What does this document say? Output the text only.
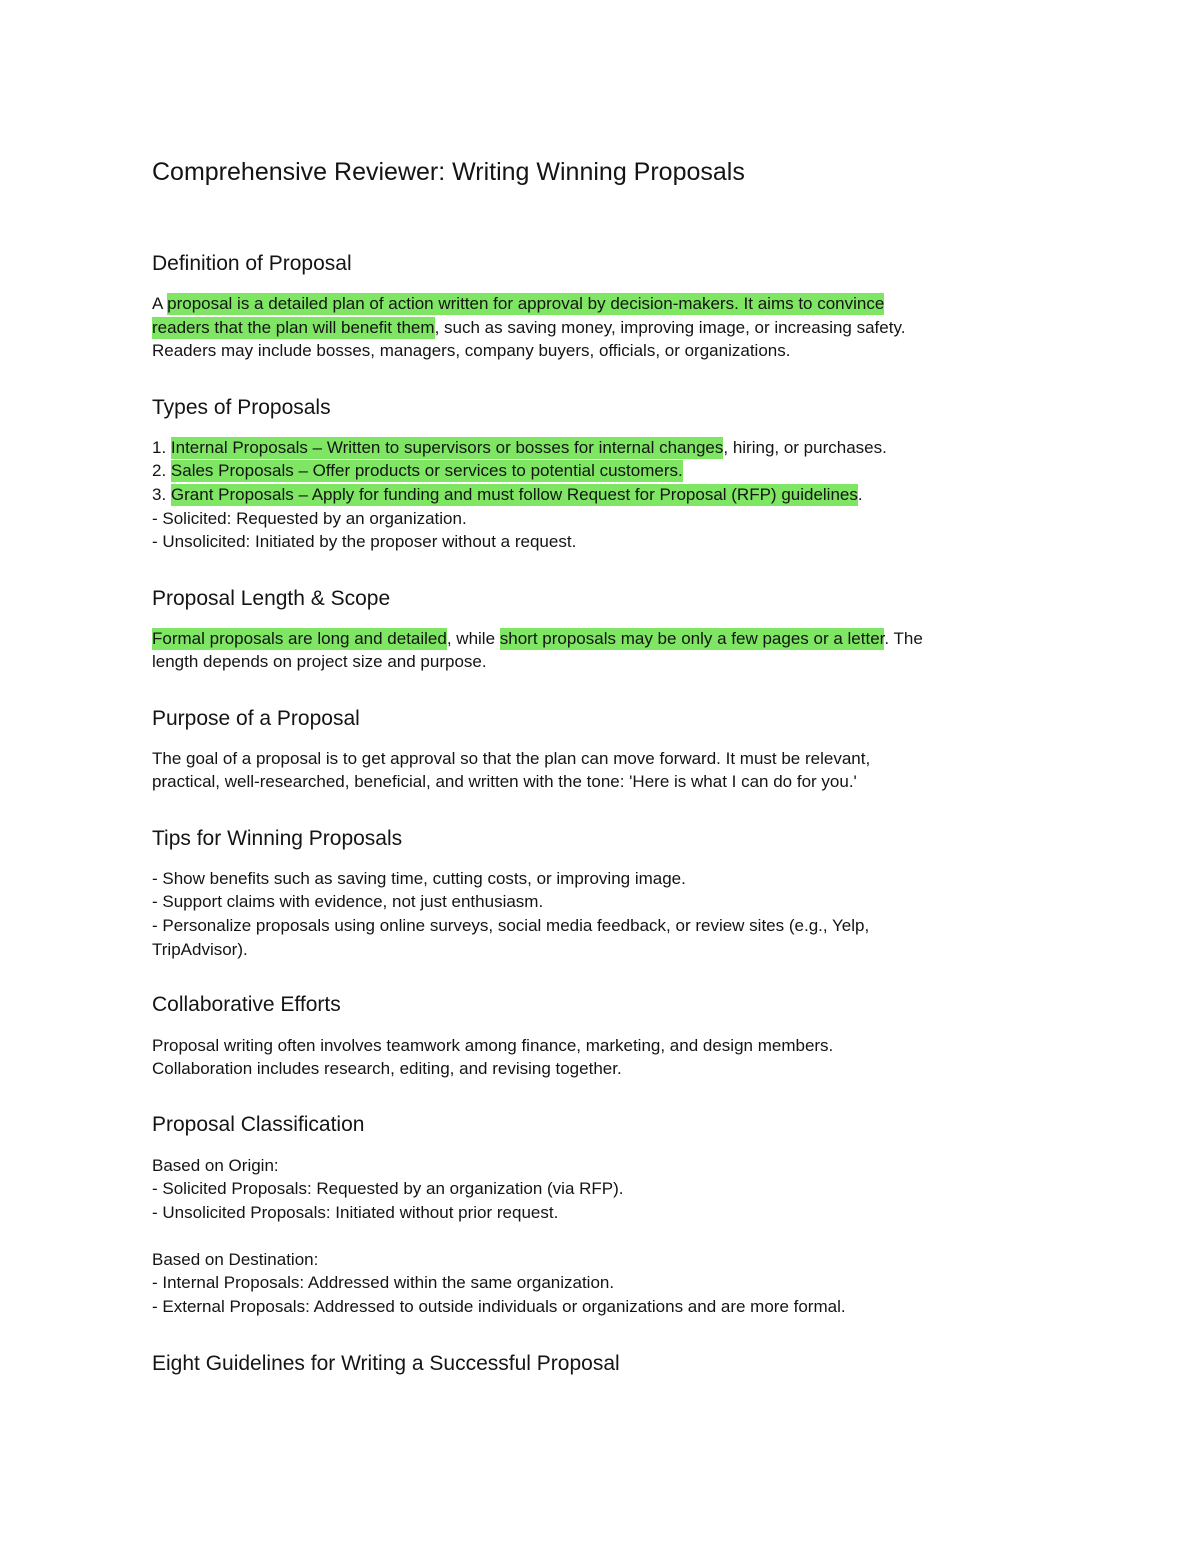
Comprehensive Reviewer: Writing Winning Proposals
Definition of Proposal
A proposal is a detailed plan of action written for approval by decision-makers. It aims to convince
readers that the plan will benefit them, such as saving money, improving image, or increasing safety.
Readers may include bosses, managers, company buyers, officials, or organizations.
Types of Proposals
1. Internal Proposals – Written to supervisors or bosses for internal changes, hiring, or purchases.
2. Sales Proposals – Offer products or services to potential customers.
3. Grant Proposals – Apply for funding and must follow Request for Proposal (RFP) guidelines.
- Solicited: Requested by an organization.
- Unsolicited: Initiated by the proposer without a request.
Proposal Length & Scope
Formal proposals are long and detailed, while short proposals may be only a few pages or a letter. The
length depends on project size and purpose.
Purpose of a Proposal
The goal of a proposal is to get approval so that the plan can move forward. It must be relevant,
practical, well-researched, beneficial, and written with the tone: 'Here is what I can do for you.'
Tips for Winning Proposals
- Show benefits such as saving time, cutting costs, or improving image.
- Support claims with evidence, not just enthusiasm.
- Personalize proposals using online surveys, social media feedback, or review sites (e.g., Yelp,
TripAdvisor).
Collaborative Efforts
Proposal writing often involves teamwork among finance, marketing, and design members.
Collaboration includes research, editing, and revising together.
Proposal Classification
Based on Origin:
- Solicited Proposals: Requested by an organization (via RFP).
- Unsolicited Proposals: Initiated without prior request.
Based on Destination:
- Internal Proposals: Addressed within the same organization.
- External Proposals: Addressed to outside individuals or organizations and are more formal.
Eight Guidelines for Writing a Successful Proposal
